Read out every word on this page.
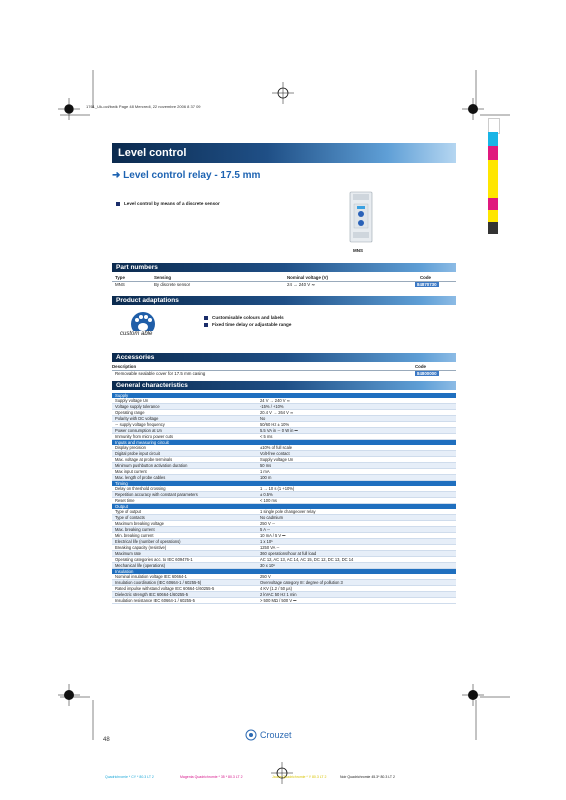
1761_Uk-oct/bwik Page 48 Mercredi, 22 novembre 2006 8 37 09
Level control
➜ Level control relay - 17.5 mm
Level control by means of a discrete sensor
MNS
Part numbers
Type	Sensing	Nominal voltage (V)	Code
MNS	By discrete sensor	24 → 240 V ≂	84870730
Product adaptations
custom able
Customisable colours and labels
Fixed time delay or adjustable range
Accessories
Description	Code
Removable sealable cover for 17.5 mm casing	84800000
General characteristics
Supply
Supply voltage Un	24 V → 240 V ≂
Voltage supply tolerance	-15% / +10%
Operating range	20.4 V → 264 V ≂
Polarity with DC voltage	No
∼ supply voltage frequency	50/60 Hz ± 10%
Power consumption at Un	5.5 VA in ∼ 0 W in ⎓
Immunity from micro power cuts	< 5 ms
Inputs and measuring circuit
Display precision	±10% of full scale
Digital probe input circuit	Volt-free contact
Max. voltage at probe terminals	Supply voltage Un
Minimum pushbutton activation duration	50 ms
Max input current	1 mA
Max. length of probe cables	100 m
Timing
Delay on threshold crossing	1 → 10 s (1 +10%)
Repetition accuracy with constant parameters	± 0.5%
Reset time	< 100 ms
Output
Type of output	1 single pole changeover relay
Type of contacts	No cadmium
Maximum breaking voltage	250 V ∼
Max. breaking current	5 A ∼
Min. breaking current	10 mA / 5 V ⎓
Electrical life (number of operations)	1 x 10⁵
Breaking capacity (resistive)	1250 VA ∼
Maximum rate	360 operations/hour at full load
Operating categories acc. to IEC 609476-1	AC 12, AC 13, AC 14, AC 15, DC 12, DC 13, DC 14
Mechanical life (operations)	30 x 10⁶
Insulation
Nominal insulation voltage IEC 60664-1	250 V
Insulation coordination (IEC 60664-1 / 60255-5)	Overvoltage category III: degree of pollution 3
Rated impulse withstand voltage IEC 60664-1/60255-5	4 KV (1.2 / 50 µs)
Dielectric strength IEC 60664-1/60255-5	2 kVAC 50 Hz 1 min
Insulation resistance IEC 60664-1 / 60255-5	> 500 MΩ / 500 V ⎓
48	Crouzet
Quadrichromie * CY * 80.3 LT 2	Magenta Quadrichromie * 35 * 80.3 LT 2	Jaune Quadrichromie * Y 80.3 LT 2	Noir Quadrichromie 45.3* 80.3 LT 2
